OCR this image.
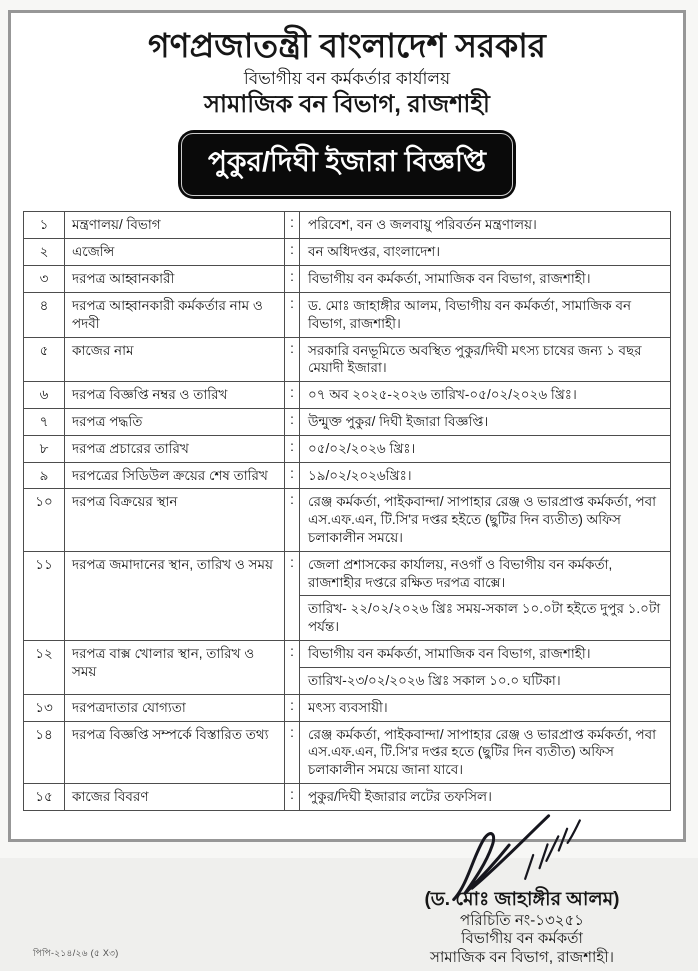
গণপ্রজাতন্ত্রী বাংলাদেশ সরকার
বিভাগীয় বন কর্মকর্তার কার্যালয়
সামাজিক বন বিভাগ, রাজশাহী
পুকুর/দিঘী ইজারা বিজ্ঞপ্তি
১	মন্ত্রণালয়/ বিভাগ	:	পরিবেশ, বন ও জলবায়ু পরিবর্তন মন্ত্রণালয়।

২	এজেন্সি	:	বন অধিদপ্তর, বাংলাদেশ।

৩	দরপত্র আহ্বানকারী	:	বিভাগীয় বন কর্মকর্তা, সামাজিক বন বিভাগ, রাজশাহী।

৪	দরপত্র আহ্বানকারী কর্মকর্তার নাম ও পদবী	:	ড. মোঃ জাহাঙ্গীর আলম, বিভাগীয় বন কর্মকর্তা, সামাজিক বন বিভাগ, রাজশাহী।

৫	কাজের নাম	:	সরকারি বনভূমিতে অবস্থিত পুকুর/দিঘী মৎস্য চাষের জন্য ১ বছর মেয়াদী ইজারা।

৬	দরপত্র বিজ্ঞপ্তি নম্বর ও তারিখ	:	০৭ অব ২০২৫-২০২৬ তারিখ-০৫/০২/২০২৬ খ্রিঃ।

৭	দরপত্র পদ্ধতি	:	উন্মুক্ত পুকুর/ দিঘী ইজারা বিজ্ঞপ্তি।

৮	দরপত্র প্রচারের তারিখ	:	০৫/০২/২০২৬ খ্রিঃ।

৯	দরপত্রের সিডিউল ক্রয়ের শেষ তারিখ	:	১৯/০২/২০২৬খ্রিঃ।

১০	দরপত্র বিক্রয়ের স্থান	:	রেঞ্জ কর্মকর্তা, পাইকবান্দা/ সাপাহার রেঞ্জ ও ভারপ্রাপ্ত কর্মকর্তা, পবা এস.এফ.এন, টি.সি'র দপ্তর হইতে (ছুটির দিন ব্যতীত) অফিস চলাকালীন সময়ে।

১১	দরপত্র জমাদানের স্থান, তারিখ ও সময়	:	জেলা প্রশাসকের কার্যালয়, নওগাঁ ও বিভাগীয় বন কর্মকর্তা, রাজশাহীর দপ্তরে রক্ষিত দরপত্র বাক্সে।
তারিখ- ২২/০২/২০২৬ খ্রিঃ সময়-সকাল ১০.০টা হইতে দুপুর ১.০টা পর্যন্ত।

১২	দরপত্র বাক্স খোলার স্থান, তারিখ ও সময়	:	বিভাগীয় বন কর্মকর্তা, সামাজিক বন বিভাগ, রাজশাহী।
তারিখ-২৩/০২/২০২৬ খ্রিঃ সকাল ১০.০ ঘটিকা।

১৩	দরপত্রদাতার যোগ্যতা	:	মৎস্য ব্যবসায়ী।

১৪	দরপত্র বিজ্ঞপ্তি সম্পর্কে বিস্তারিত তথ্য	:	রেঞ্জ কর্মকর্তা, পাইকবান্দা/ সাপাহার রেঞ্জ ও ভারপ্রাপ্ত কর্মকর্তা, পবা এস.এফ.এন, টি.সি'র দপ্তর হতে (ছুটির দিন ব্যতীত) অফিস চলাকালীন সময়ে জানা যাবে।

১৫	কাজের বিবরণ	:	পুকুর/দিঘী ইজারার লটের তফসিল।
(ড. মোঃ জাহাঙ্গীর আলম)
পরিচিতি নং-১৩২৫১
বিভাগীয় বন কর্মকর্তা
সামাজিক বন বিভাগ, রাজশাহী।
পিপি-২১৪/২৬ (৫ X৩)
